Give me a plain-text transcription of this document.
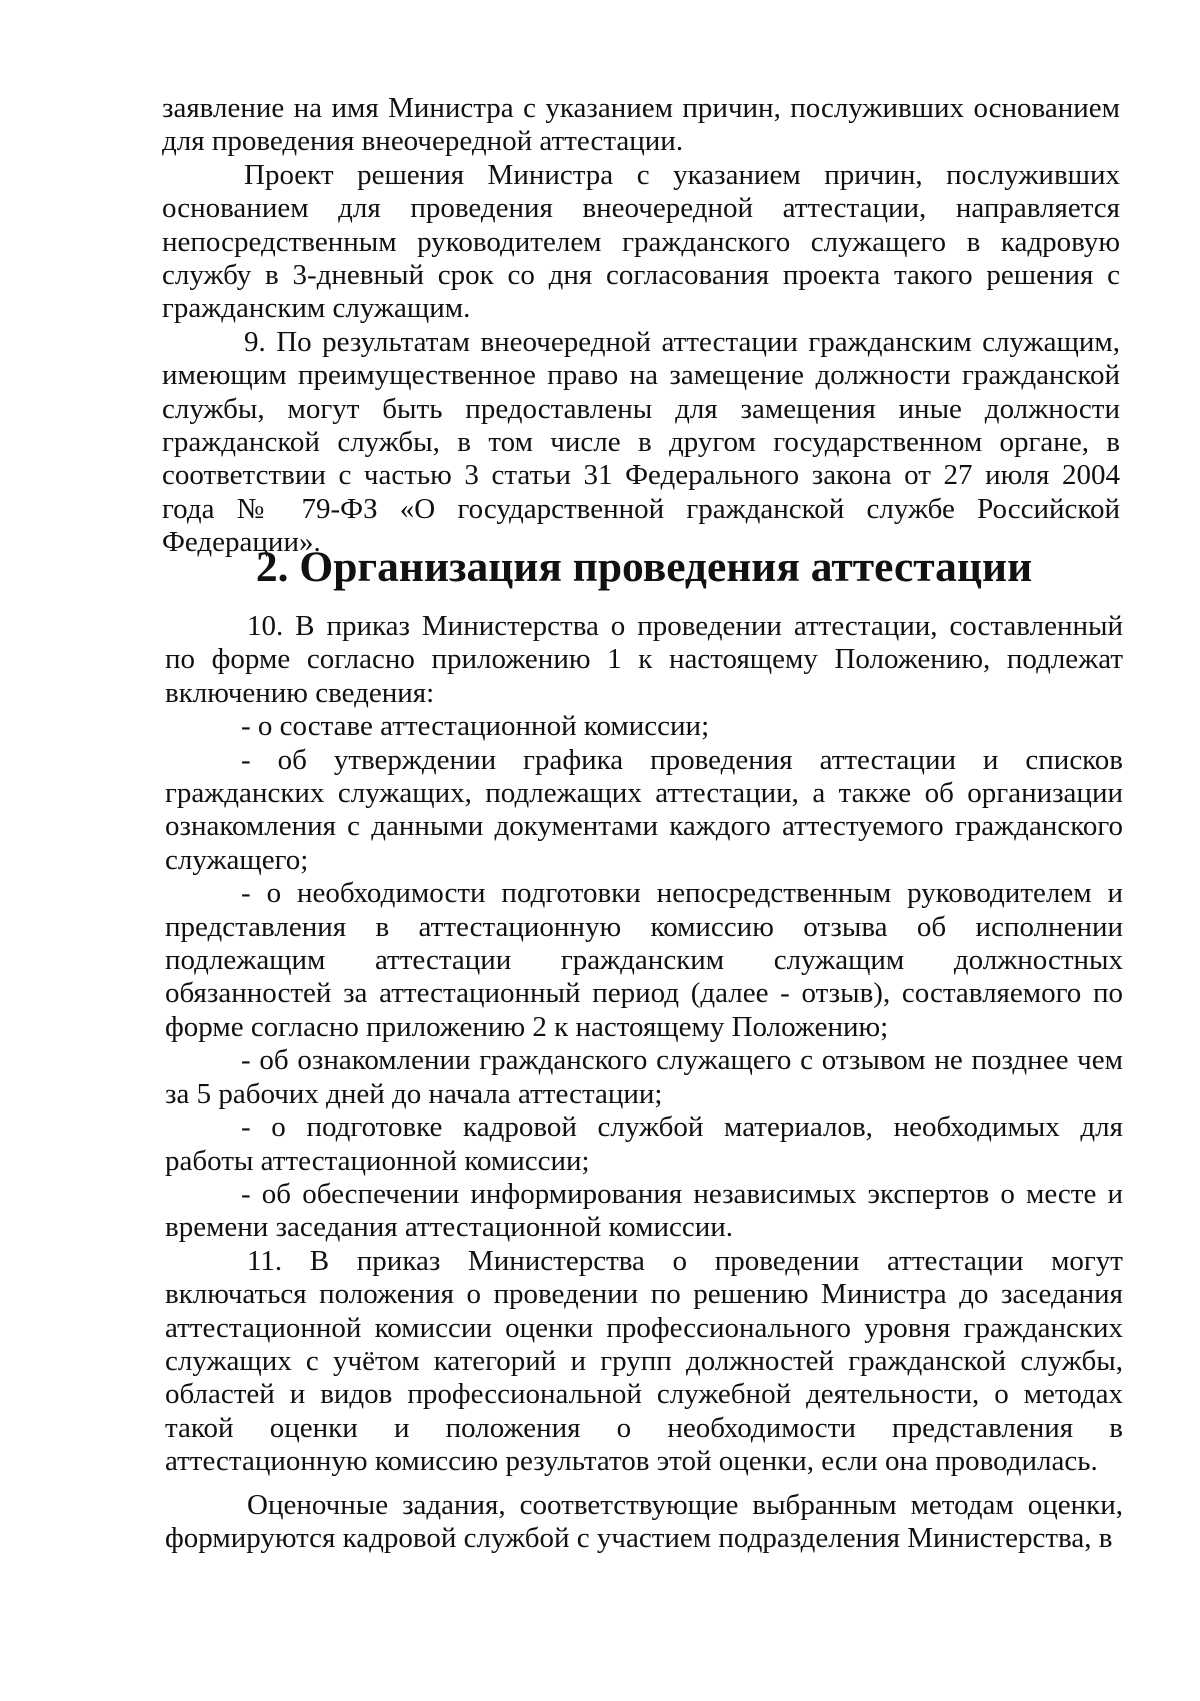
заявление на имя Министра с указанием причин, послуживших основанием для проведения внеочередной аттестации.

Проект решения Министра с указанием причин, послуживших основанием для проведения внеочередной аттестации, направляется непосредственным руководителем гражданского служащего в кадровую службу в 3-дневный срок со дня согласования проекта такого решения с гражданским служащим.

9. По результатам внеочередной аттестации гражданским служащим, имеющим преимущественное право на замещение должности гражданской службы, могут быть предоставлены для замещения иные должности гражданской службы, в том числе в другом государственном органе, в соответствии с частью 3 статьи 31 Федерального закона от 27 июля 2004 года № 79-ФЗ «О государственной гражданской службе Российской Федерации».

2. Организация проведения аттестации

10. В приказ Министерства о проведении аттестации, составленный по форме согласно приложению 1 к настоящему Положению, подлежат включению сведения:

- о составе аттестационной комиссии;

- об утверждении графика проведения аттестации и списков гражданских служащих, подлежащих аттестации, а также об организации ознакомления с данными документами каждого аттестуемого гражданского служащего;

- о необходимости подготовки непосредственным руководителем и представления в аттестационную комиссию отзыва об исполнении подлежащим аттестации гражданским служащим должностных обязанностей за аттестационный период (далее - отзыв), составляемого по форме согласно приложению 2 к настоящему Положению;

- об ознакомлении гражданского служащего с отзывом не позднее чем за 5 рабочих дней до начала аттестации;

- о подготовке кадровой службой материалов, необходимых для работы аттестационной комиссии;

- об обеспечении информирования независимых экспертов о месте и времени заседания аттестационной комиссии.

11. В приказ Министерства о проведении аттестации могут включаться положения о проведении по решению Министра до заседания аттестационной комиссии оценки профессионального уровня гражданских служащих с учётом категорий и групп должностей гражданской службы, областей и видов профессиональной служебной деятельности, о методах такой оценки и положения о необходимости представления в аттестационную комиссию результатов этой оценки, если она проводилась.

Оценочные задания, соответствующие выбранным методам оценки, формируются кадровой службой с участием подразделения Министерства, в
